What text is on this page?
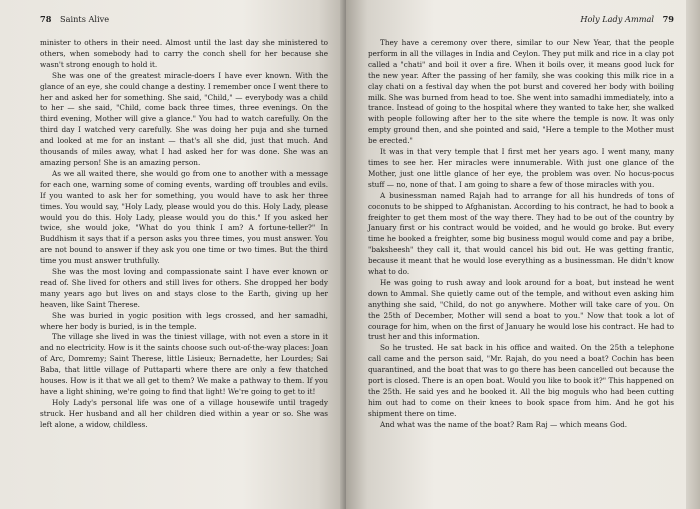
78 Saints Alive

minister to others in their need. Almost until the last day she ministered to others, when somebody had to carry the conch shell for her because she wasn't strong enough to hold it.

She was one of the greatest miracle-doers I have ever known. With the glance of an eye, she could change a destiny. I remember once I went there to her and asked her for something. She said, "Child," — everybody was a child to her — she said, "Child, come back three times, three evenings. On the third evening, Mother will give a glance." You had to watch carefully. On the third day I watched very carefully. She was doing her puja and she turned and looked at me for an instant — that's all she did, just that much. And thousands of miles away, what I had asked her for was done. She was an amazing person! She is an amazing person.

As we all waited there, she would go from one to another with a message for each one, warning some of coming events, warding off troubles and evils. If you wanted to ask her for something, you would have to ask her three times. You would say, "Holy Lady, please would you do this. Holy Lady, please would you do this. Holy Lady, please would you do this." If you asked her twice, she would joke, "What do you think I am? A fortune-teller?" In Buddhism it says that if a person asks you three times, you must answer. You are not bound to answer if they ask you one time or two times. But the third time you must answer truthfully.

She was the most loving and compassionate saint I have ever known or read of. She lived for others and still lives for others. She dropped her body many years ago but lives on and stays close to the Earth, giving up her heaven, like Saint Therese.

She was buried in yogic position with legs crossed, and her samadhi, where her body is buried, is in the temple.

The village she lived in was the tiniest village, with not even a store in it and no electricity. How is it the saints choose such out-of-the-way places: Joan of Arc, Domremy; Saint Therese, little Lisieux; Bernadette, her Lourdes; Sai Baba, that little village of Puttaparti where there are only a few thatched houses. How is it that we all get to them? We make a pathway to them. If you have a light shining, we're going to find that light! We're going to get to it!

Holy Lady's personal life was one of a village housewife until tragedy struck. Her husband and all her children died within a year or so. She was left alone, a widow, childless.

Holy Lady Ammal 79

They have a ceremony over there, similar to our New Year, that the people perform in all the villages in India and Ceylon. They put milk and rice in a clay pot called a "chati" and boil it over a fire. When it boils over, it means good luck for the new year. After the passing of her family, she was cooking this milk rice in a clay chati on a festival day when the pot burst and covered her body with boiling milk. She was burned from head to toe. She went into samadhi immediately, into a trance. Instead of going to the hospital where they wanted to take her, she walked with people following after her to the site where the temple is now. It was only empty ground then, and she pointed and said, "Here a temple to the Mother must be erected."

It was in that very temple that I first met her years ago. I went many, many times to see her. Her miracles were innumerable. With just one glance of the Mother, just one little glance of her eye, the problem was over. No hocus-pocus stuff — no, none of that. I am going to share a few of those miracles with you.

A businessman named Rajah had to arrange for all his hundreds of tons of coconuts to be shipped to Afghanistan. According to his contract, he had to book a freighter to get them most of the way there. They had to be out of the country by January first or his contract would be voided, and he would go broke. But every time he booked a freighter, some big business mogul would come and pay a bribe, "baksheesh" they call it, that would cancel his bid out. He was getting frantic, because it meant that he would lose everything as a businessman. He didn't know what to do.

He was going to rush away and look around for a boat, but instead he went down to Ammal. She quietly came out of the temple, and without even asking him anything she said, "Child, do not go anywhere. Mother will take care of you. On the 25th of December, Mother will send a boat to you." Now that took a lot of courage for him, when on the first of January he would lose his contract. He had to trust her and this information.

So he trusted. He sat back in his office and waited. On the 25th a telephone call came and the person said, "Mr. Rajah, do you need a boat? Cochin has been quarantined, and the boat that was to go there has been cancelled out because the port is closed. There is an open boat. Would you like to book it?" This happened on the 25th. He said yes and he booked it. All the big moguls who had been cutting him out had to come on their knees to book space from him. And he got his shipment there on time.

And what was the name of the boat? Ram Raj — which means God.
